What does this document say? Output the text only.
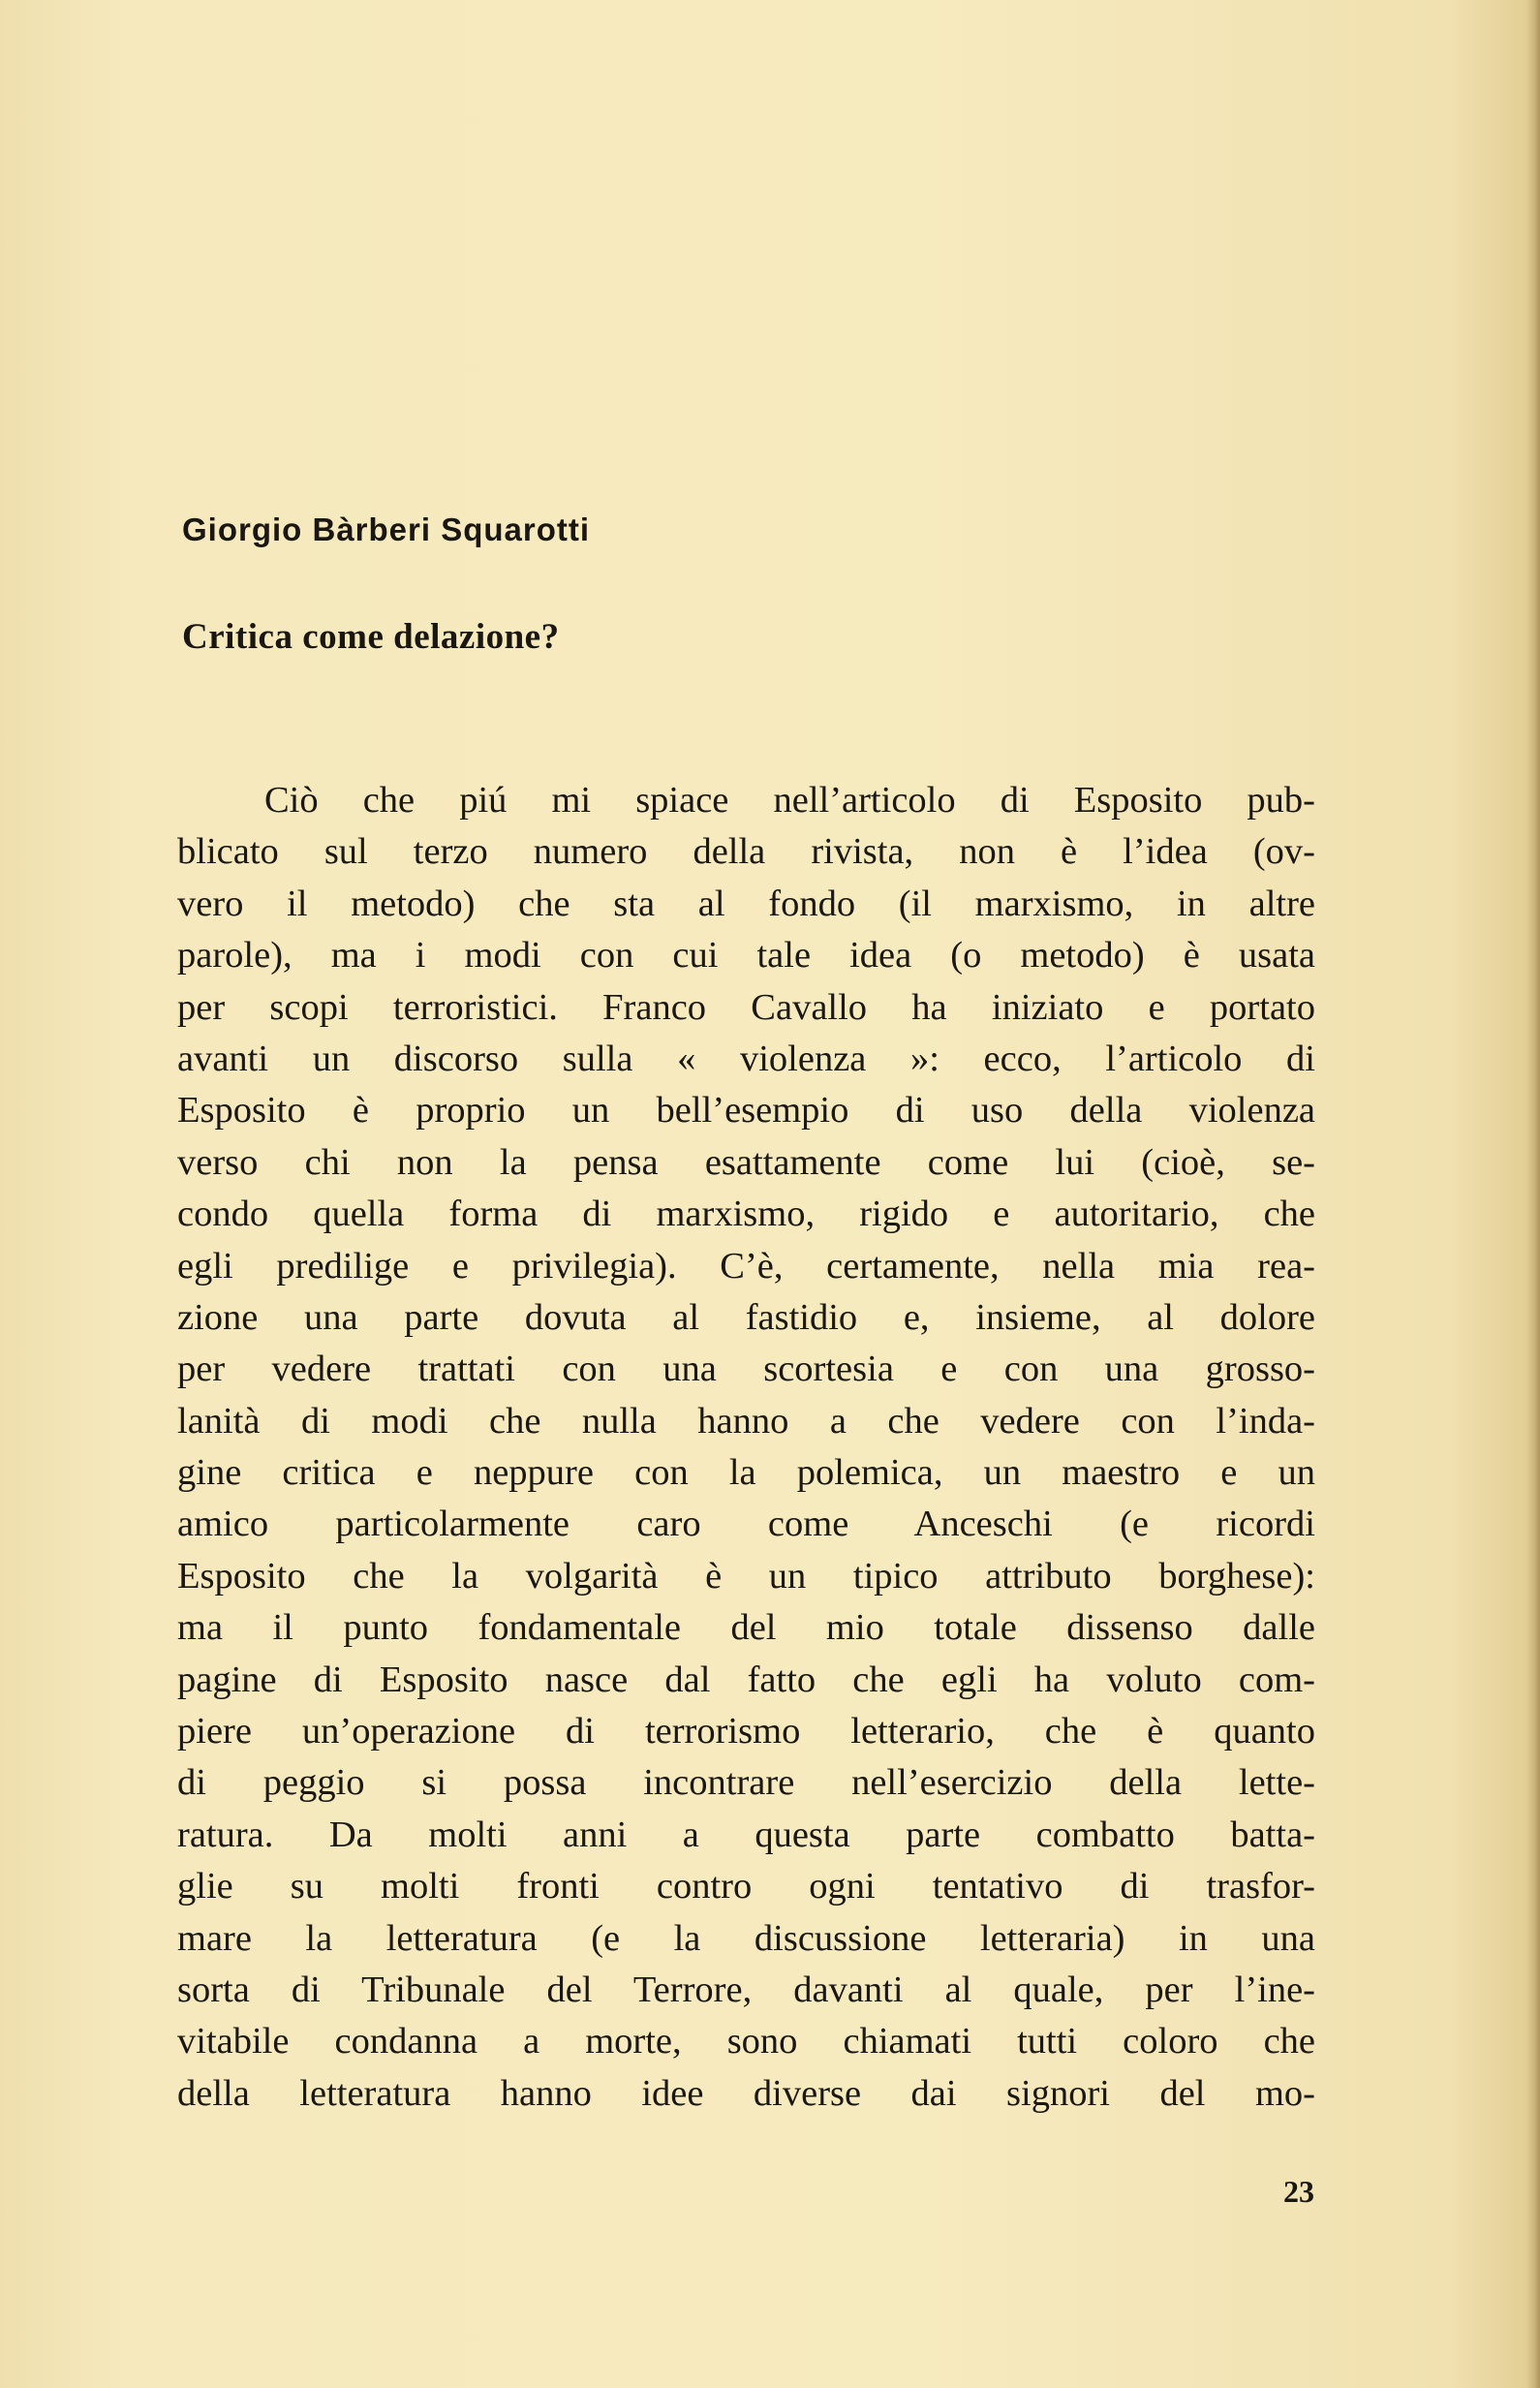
Giorgio Bàrberi Squarotti
Critica come delazione?
Ciò che piú mi spiace nell’articolo di Esposito pub-
blicato sul terzo numero della rivista, non è l’idea (ov-
vero il metodo) che sta al fondo (il marxismo, in altre
parole), ma i modi con cui tale idea (o metodo) è usata
per scopi terroristici. Franco Cavallo ha iniziato e portato
avanti un discorso sulla « violenza »: ecco, l’articolo di
Esposito è proprio un bell’esempio di uso della violenza
verso chi non la pensa esattamente come lui (cioè, se-
condo quella forma di marxismo, rigido e autoritario, che
egli predilige e privilegia). C’è, certamente, nella mia rea-
zione una parte dovuta al fastidio e, insieme, al dolore
per vedere trattati con una scortesia e con una grosso-
lanità di modi che nulla hanno a che vedere con l’inda-
gine critica e neppure con la polemica, un maestro e un
amico particolarmente caro come Anceschi (e ricordi
Esposito che la volgarità è un tipico attributo borghese):
ma il punto fondamentale del mio totale dissenso dalle
pagine di Esposito nasce dal fatto che egli ha voluto com-
piere un’operazione di terrorismo letterario, che è quanto
di peggio si possa incontrare nell’esercizio della lette-
ratura. Da molti anni a questa parte combatto batta-
glie su molti fronti contro ogni tentativo di trasfor-
mare la letteratura (e la discussione letteraria) in una
sorta di Tribunale del Terrore, davanti al quale, per l’ine-
vitabile condanna a morte, sono chiamati tutti coloro che
della letteratura hanno idee diverse dai signori del mo-
23
